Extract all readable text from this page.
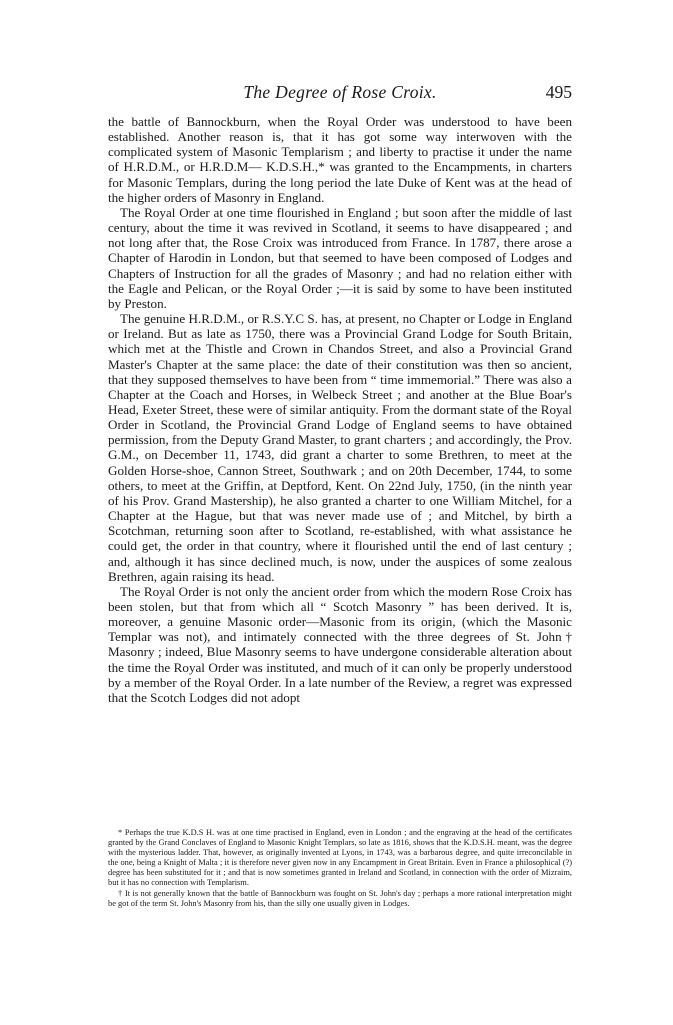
The Degree of Rose Croix.	495

the battle of Bannockburn, when the Royal Order was understood to have been established. Another reason is, that it has got some way interwoven with the complicated system of Masonic Templarism ; and liberty to practise it under the name of H.R.D.M., or H.R.D.M— K.D.S.H.,* was granted to the Encampments, in charters for Masonic Templars, during the long period the late Duke of Kent was at the head of the higher orders of Masonry in England.

The Royal Order at one time flourished in England ; but soon after the middle of last century, about the time it was revived in Scotland, it seems to have disappeared ; and not long after that, the Rose Croix was introduced from France. In 1787, there arose a Chapter of Harodin in London, but that seemed to have been composed of Lodges and Chapters of Instruction for all the grades of Masonry ; and had no relation either with the Eagle and Pelican, or the Royal Order ;—it is said by some to have been instituted by Preston.

The genuine H.R.D.M., or R.S.Y.C S. has, at present, no Chapter or Lodge in England or Ireland. But as late as 1750, there was a Provincial Grand Lodge for South Britain, which met at the Thistle and Crown in Chandos Street, and also a Provincial Grand Master's Chapter at the same place: the date of their constitution was then so ancient, that they supposed themselves to have been from “ time immemorial.” There was also a Chapter at the Coach and Horses, in Welbeck Street ; and another at the Blue Boar's Head, Exeter Street, these were of similar antiquity. From the dormant state of the Royal Order in Scotland, the Provincial Grand Lodge of England seems to have obtained permission, from the Deputy Grand Master, to grant charters ; and accordingly, the Prov. G.M., on December 11, 1743, did grant a charter to some Brethren, to meet at the Golden Horse-shoe, Cannon Street, Southwark ; and on 20th December, 1744, to some others, to meet at the Griffin, at Deptford, Kent. On 22nd July, 1750, (in the ninth year of his Prov. Grand Mastership), he also granted a charter to one William Mitchel, for a Chapter at the Hague, but that was never made use of ; and Mitchel, by birth a Scotchman, returning soon after to Scotland, re-established, with what assistance he could get, the order in that country, where it flourished until the end of last century ; and, although it has since declined much, is now, under the auspices of some zealous Brethren, again raising its head.

The Royal Order is not only the ancient order from which the modern Rose Croix has been stolen, but that from which all “ Scotch Masonry ” has been derived. It is, moreover, a genuine Masonic order—Masonic from its origin, (which the Masonic Templar was not), and intimately connected with the three degrees of St. John† Masonry ; indeed, Blue Masonry seems to have undergone considerable alteration about the time the Royal Order was instituted, and much of it can only be properly understood by a member of the Royal Order. In a late number of the Review, a regret was expressed that the Scotch Lodges did not adopt

* Perhaps the true K.D.S H. was at one time practised in England, even in London ; and the engraving at the head of the certificates granted by the Grand Conclaves of England to Masonic Knight Templars, so late as 1816, shows that the K.D.S.H. meant, was the degree with the mysterious ladder. That, however, as originally invented at Lyons, in 1743, was a barbarous degree, and quite irreconcilable in the one, being a Knight of Malta ; it is therefore never given now in any Encampment in Great Britain. Even in France a philosophical (?) degree has been substituted for it ; and that is now sometimes granted in Ireland and Scotland, in connection with the order of Mizraim, but it has no connection with Templarism.

† It is not generally known that the battle of Bannockburn was fought on St. John's day ; perhaps a more rational interpretation might be got of the term St. John's Masonry from his, than the silly one usually given in Lodges.
